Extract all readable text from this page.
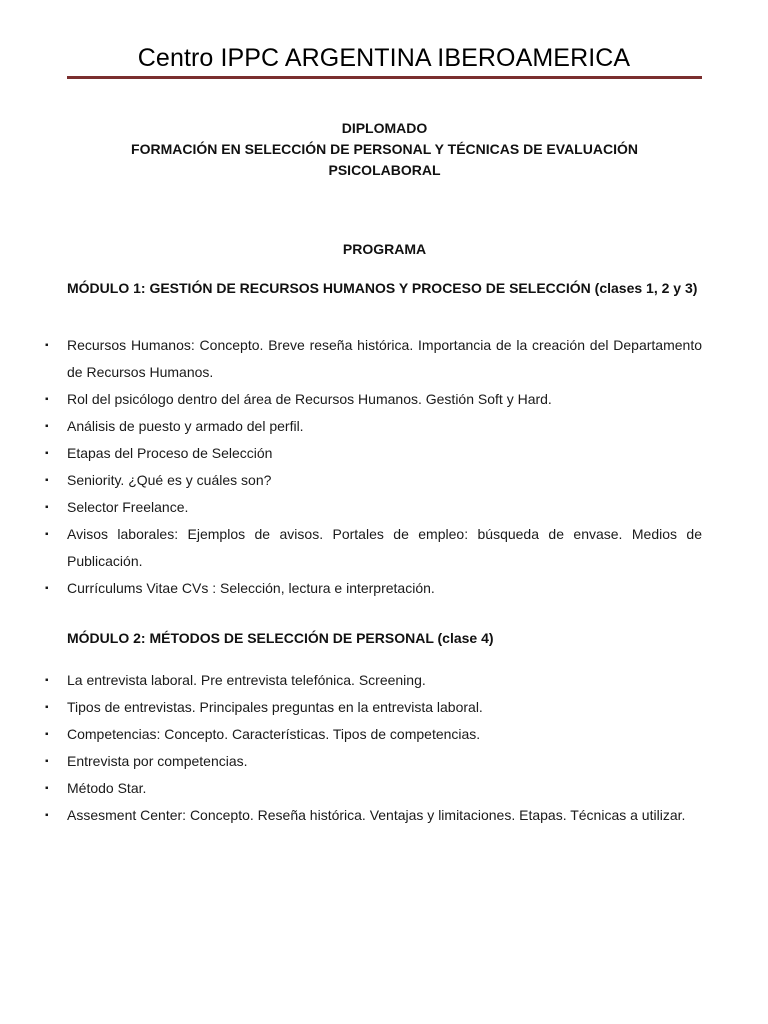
Centro IPPC ARGENTINA IBEROAMERICA
DIPLOMADO
FORMACIÓN EN SELECCIÓN DE PERSONAL Y TÉCNICAS DE EVALUACIÓN
PSICOLABORAL
PROGRAMA
MÓDULO 1: GESTIÓN DE RECURSOS HUMANOS Y PROCESO DE SELECCIÓN (clases 1, 2 y 3)
▪	Recursos Humanos: Concepto. Breve reseña histórica. Importancia de la creación del Departamento de Recursos Humanos.
▪	Rol del psicólogo dentro del área de Recursos Humanos. Gestión Soft y Hard.
▪	Análisis de puesto y armado del perfil.
▪	Etapas del Proceso de Selección
▪	Seniority. ¿Qué es y cuáles son?
▪	Selector Freelance.
▪	Avisos laborales: Ejemplos de avisos. Portales de empleo: búsqueda de envase. Medios de Publicación.
▪	Currículums Vitae CVs : Selección, lectura e interpretación.
MÓDULO 2: MÉTODOS DE SELECCIÓN DE PERSONAL (clase 4)
▪	La entrevista laboral. Pre entrevista telefónica. Screening.
▪	Tipos de entrevistas. Principales preguntas en la entrevista laboral.
▪	Competencias: Concepto. Características. Tipos de competencias.
▪	Entrevista por competencias.
▪	Método Star.
▪	Assesment Center: Concepto. Reseña histórica. Ventajas y limitaciones. Etapas. Técnicas a utilizar.
